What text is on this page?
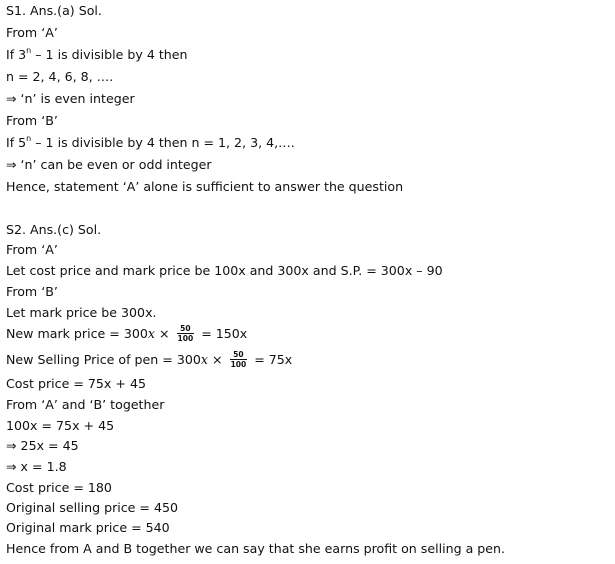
S1. Ans.(a) Sol.
From ‘A’
If 3$^n$ – 1 is divisible by 4 then
n = 2, 4, 6, 8, ….
⇒ ‘n’ is even integer
From ‘B’
If 5$^n$ – 1 is divisible by 4 then n = 1, 2, 3, 4,….
⇒ ‘n’ can be even or odd integer
Hence, statement ‘A’ alone is sufficient to answer the question
S2. Ans.(c) Sol.
From ‘A’
Let cost price and mark price be 100x and 300x and S.P. = 300x – 90
From ‘B’
Let mark price be 300x.
New mark price = $300x \times \frac{50}{100} = 150x$
New Selling Price of pen = $300x \times \frac{50}{100} = 75x$
Cost price = 75x + 45
From ‘A’ and ‘B’ together
100x = 75x + 45
⇒ 25x = 45
⇒ x = 1.8
Cost price = 180
Original selling price = 450
Original mark price = 540
Hence from A and B together we can say that she earns profit on selling a pen.
